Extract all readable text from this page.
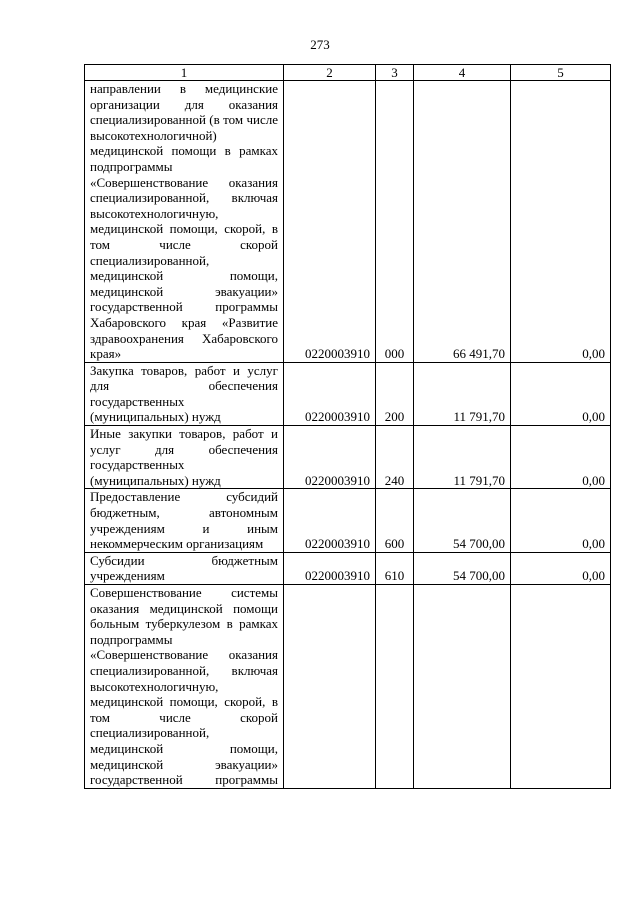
273
1	2	3	4	5
направлении в медицинские организации для оказания специализированной (в том числе высокотехнологичной) медицинской помощи в рамках подпрограммы «Совершенствование оказания специализированной, включая высокотехнологичную, медицинской помощи, скорой, в том числе скорой специализированной, медицинской помощи, медицинской эвакуации» государственной программы Хабаровского края «Развитие здравоохранения Хабаровского края»	0220003910	000	66 491,70	0,00
Закупка товаров, работ и услуг для обеспечения государственных (муниципальных) нужд	0220003910	200	11 791,70	0,00
Иные закупки товаров, работ и услуг для обеспечения государственных (муниципальных) нужд	0220003910	240	11 791,70	0,00
Предоставление субсидий бюджетным, автономным учреждениям и иным некоммерческим организациям	0220003910	600	54 700,00	0,00
Субсидии бюджетным учреждениям	0220003910	610	54 700,00	0,00
Совершенствование системы оказания медицинской помощи больным туберкулезом в рамках подпрограммы «Совершенствование оказания специализированной, включая высокотехнологичную, медицинской помощи, скорой, в том числе скорой специализированной, медицинской помощи, медицинской эвакуации» государственной программы				
